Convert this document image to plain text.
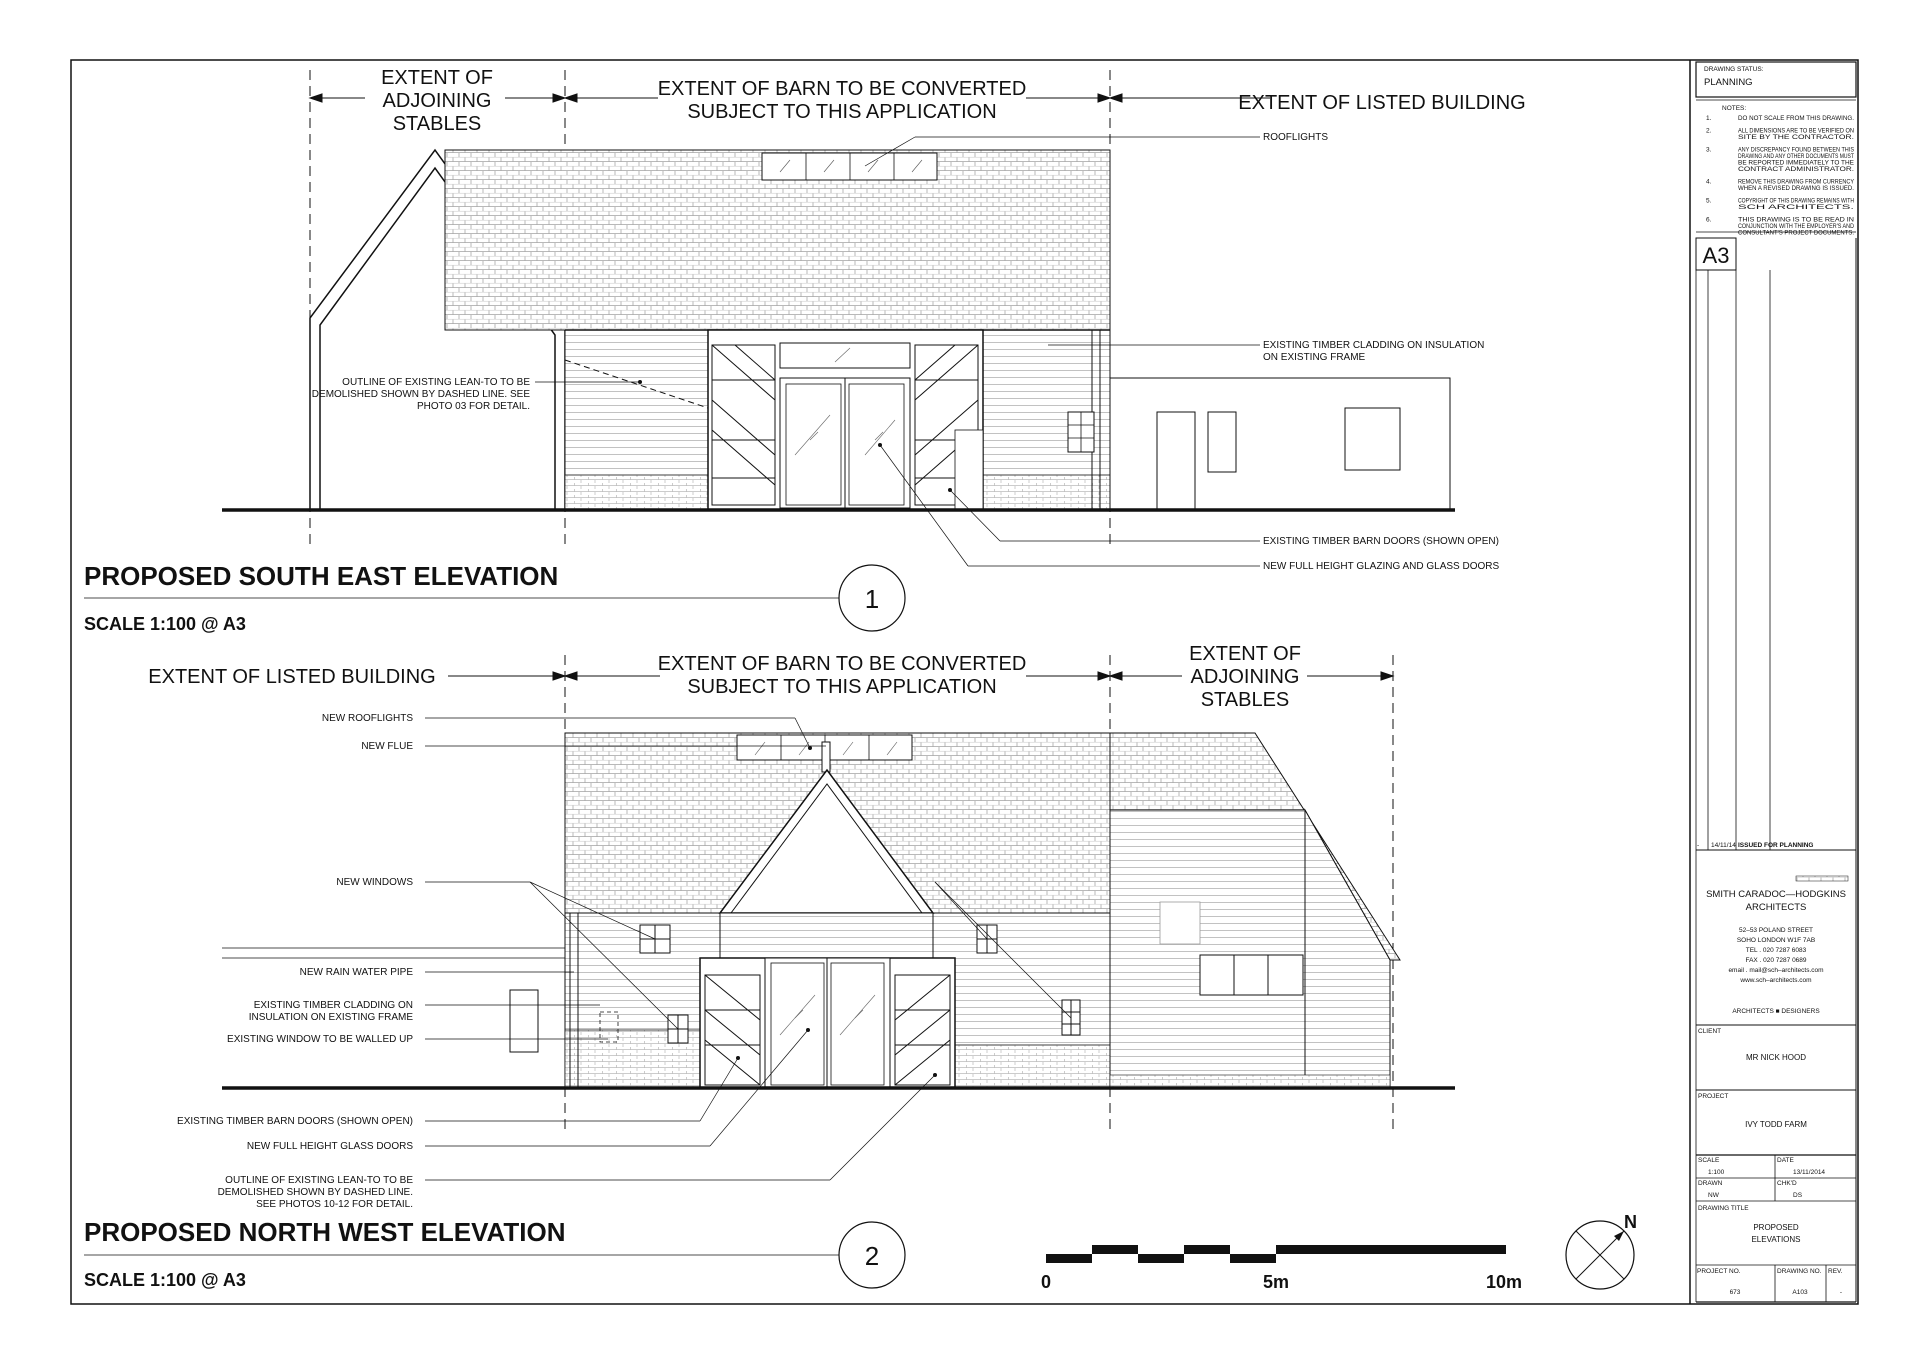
EXTENT OF
ADJOINING
STABLES
EXTENT OF BARN TO BE CONVERTED
SUBJECT TO THIS APPLICATION	EXTENT OF LISTED BUILDING
ROOFLIGHTS
EXISTING TIMBER CLADDING ON INSULATION
ON EXISTING FRAME
OUTLINE OF EXISTING LEAN-TO TO BE
DEMOLISHED SHOWN BY DASHED LINE. SEE
PHOTO 03 FOR DETAIL.
EXISTING TIMBER BARN DOORS (SHOWN OPEN)
NEW FULL HEIGHT GLAZING AND GLASS DOORS
PROPOSED SOUTH EAST ELEVATION
SCALE 1:100 @ A3
1
EXTENT OF LISTED BUILDING
EXTENT OF BARN TO BE CONVERTED
SUBJECT TO THIS APPLICATION
EXTENT OF
ADJOINING
STABLES
NEW ROOFLIGHTS
NEW FLUE
NEW WINDOWS
NEW RAIN WATER PIPE
EXISTING TIMBER CLADDING ON
INSULATION ON EXISTING FRAME
EXISTING WINDOW TO BE WALLED UP
EXISTING TIMBER BARN DOORS (SHOWN OPEN)
NEW FULL HEIGHT GLASS DOORS
OUTLINE OF EXISTING LEAN-TO TO BE
DEMOLISHED SHOWN BY DASHED LINE.
SEE PHOTOS 10-12 FOR DETAIL.
PROPOSED NORTH WEST ELEVATION
SCALE 1:100 @ A3
2
0	5m	10m
N
DRAWING STATUS:
PLANNING
NOTES:
1.	DO NOT SCALE FROM THIS DRAWING.
2.	ALL DIMENSIONS ARE TO BE VERIFIED ON
SITE BY THE CONTRACTOR.
3.	ANY DISCREPANCY FOUND BETWEEN THIS
DRAWING AND ANY OTHER DOCUMENTS MUST
BE REPORTED IMMEDIATELY TO THE
CONTRACT ADMINISTRATOR.
4.	REMOVE THIS DRAWING FROM CURRENCY
WHEN A REVISED DRAWING IS ISSUED.
5.	COPYRIGHT OF THIS DRAWING REMAINS WITH
SCH ARCHITECTS.
6.	THIS DRAWING IS TO BE READ IN
CONJUNCTION WITH THE EMPLOYER'S AND
CONSULTANT'S PROJECT DOCUMENTS.
A3
- 14/11/14 ISSUED FOR PLANNING
SMITH CARADOC—HODGKINS
ARCHITECTS
52–53 POLAND STREET
SOHO LONDON W1F 7AB
TEL . 020 7287 6083
FAX . 020 7287 0689
email . mail@sch–architects.com
www.sch–architects.com
ARCHITECTS ■ DESIGNERS
CLIENT
MR NICK HOOD
PROJECT
IVY TODD FARM
SCALE
1:100
DATE
13/11/2014
DRAWN
NW
CHK'D
DS
DRAWING TITLE
PROPOSED
ELEVATIONS
PROJECT NO.
673
DRAWING NO.
A103
REV.
-
